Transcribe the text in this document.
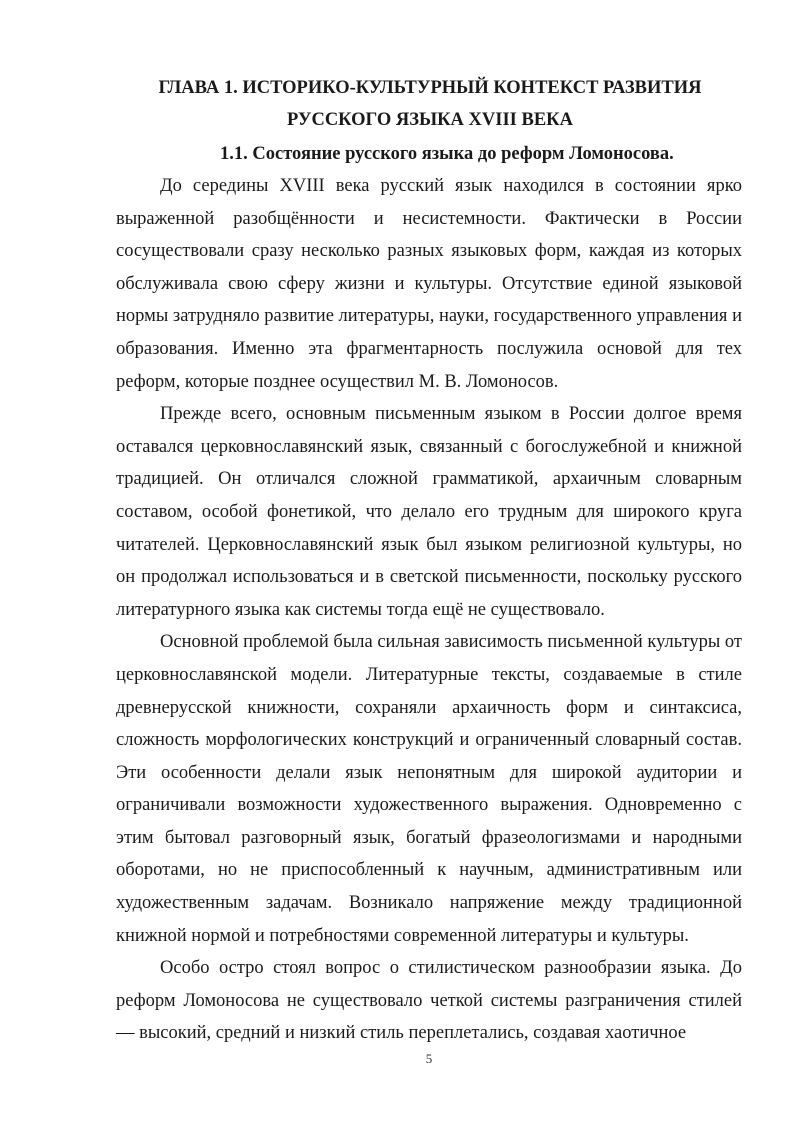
ГЛАВА 1. ИСТОРИКО-КУЛЬТУРНЫЙ КОНТЕКСТ РАЗВИТИЯ
РУССКОГО ЯЗЫКА XVIII ВЕКА
1.1. Состояние русского языка до реформ Ломоносова.

До середины XVIII века русский язык находился в состоянии ярко выраженной разобщённости и несистемности. Фактически в России сосуществовали сразу несколько разных языковых форм, каждая из которых обслуживала свою сферу жизни и культуры. Отсутствие единой языковой нормы затрудняло развитие литературы, науки, государственного управления и образования. Именно эта фрагментарность послужила основой для тех реформ, которые позднее осуществил М. В. Ломоносов.

Прежде всего, основным письменным языком в России долгое время оставался церковнославянский язык, связанный с богослужебной и книжной традицией. Он отличался сложной грамматикой, архаичным словарным составом, особой фонетикой, что делало его трудным для широкого круга читателей. Церковнославянский язык был языком религиозной культуры, но он продолжал использоваться и в светской письменности, поскольку русского литературного языка как системы тогда ещё не существовало.

Основной проблемой была сильная зависимость письменной культуры от церковнославянской модели. Литературные тексты, создаваемые в стиле древнерусской книжности, сохраняли архаичность форм и синтаксиса, сложность морфологических конструкций и ограниченный словарный состав. Эти особенности делали язык непонятным для широкой аудитории и ограничивали возможности художественного выражения. Одновременно с этим бытовал разговорный язык, богатый фразеологизмами и народными оборотами, но не приспособленный к научным, административным или художественным задачам. Возникало напряжение между традиционной книжной нормой и потребностями современной литературы и культуры.

Особо остро стоял вопрос о стилистическом разнообразии языка. До реформ Ломоносова не существовало четкой системы разграничения стилей — высокий, средний и низкий стиль переплетались, создавая хаотичное

5
